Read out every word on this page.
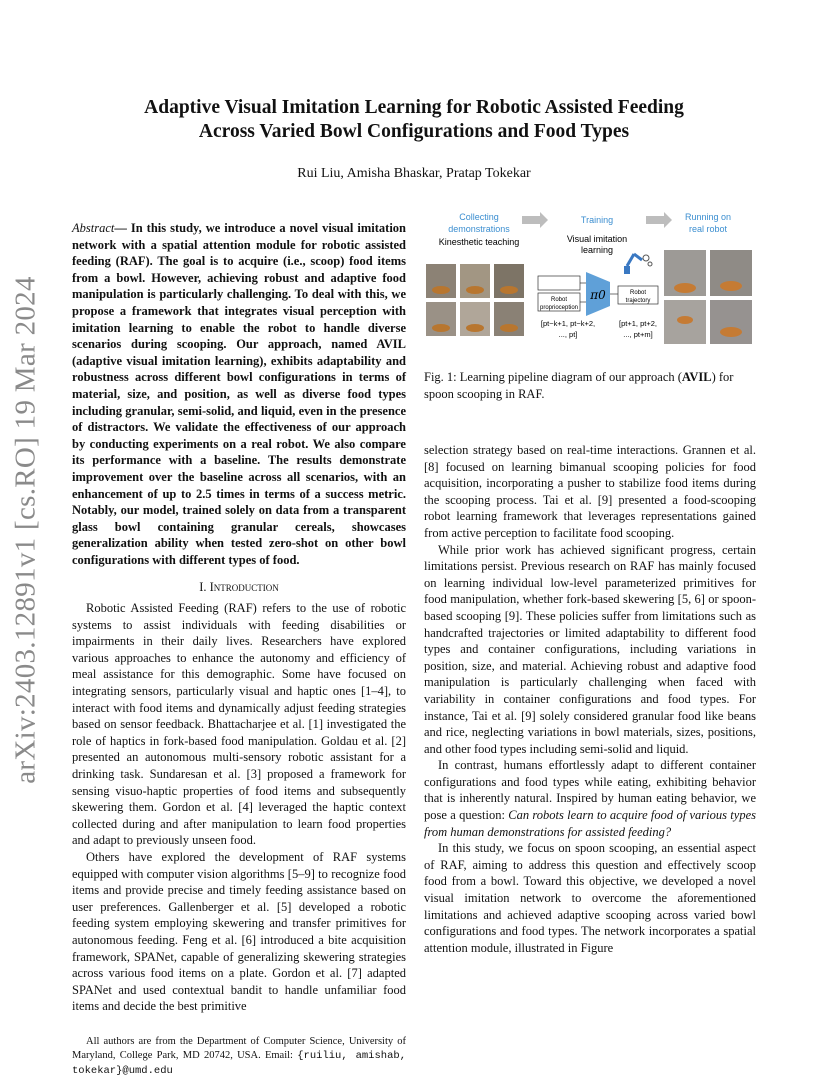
arXiv:2403.12891v1 [cs.RO] 19 Mar 2024
Adaptive Visual Imitation Learning for Robotic Assisted Feeding
Across Varied Bowl Configurations and Food Types
Rui Liu, Amisha Bhaskar, Pratap Tokekar

Abstract— In this study, we introduce a novel visual imitation network with a spatial attention module for robotic assisted feeding (RAF). The goal is to acquire (i.e., scoop) food items from a bowl. However, achieving robust and adaptive food manipulation is particularly challenging. To deal with this, we propose a framework that integrates visual perception with imitation learning to enable the robot to handle diverse scenarios during scooping. Our approach, named AVIL (adaptive visual imitation learning), exhibits adaptability and robustness across different bowl configurations in terms of material, size, and position, as well as diverse food types including granular, semi-solid, and liquid, even in the presence of distractors. We validate the effectiveness of our approach by conducting experiments on a real robot. We also compare its performance with a baseline. The results demonstrate improvement over the baseline across all scenarios, with an enhancement of up to 2.5 times in terms of a success metric. Notably, our model, trained solely on data from a transparent glass bowl containing granular cereals, showcases generalization ability when tested zero-shot on other bowl configurations with different types of food.

I. Introduction

Robotic Assisted Feeding (RAF) refers to the use of robotic systems to assist individuals with feeding disabilities or impairments in their daily lives. Researchers have explored various approaches to enhance the autonomy and efficiency of meal assistance for this demographic. Some have focused on integrating sensors, particularly visual and haptic ones [1–4], to interact with food items and dynamically adjust feeding strategies based on sensor feedback. Bhattacharjee et al. [1] investigated the role of haptics in fork-based food manipulation. Goldau et al. [2] presented an autonomous multi-sensory robotic assistant for a drinking task. Sundaresan et al. [3] proposed a framework for sensing visuo-haptic properties of food items and subsequently skewering them. Gordon et al. [4] leveraged the haptic context collected during and after manipulation to learn food properties and adapt to previously unseen food.

Others have explored the development of RAF systems equipped with computer vision algorithms [5–9] to recognize food items and provide precise and timely feeding assistance based on user preferences. Gallenberger et al. [5] developed a robotic feeding system employing skewering and transfer primitives for autonomous feeding. Feng et al. [6] introduced a bite acquisition framework, SPANet, capable of generalizing skewering strategies across various food items on a plate. Gordon et al. [7] adapted SPANet and used contextual bandit to handle unfamiliar food items and decide the best primitive

All authors are from the Department of Computer Science, University of Maryland, College Park, MD 20742, USA. Email: {ruiliu, amishab, tokekar}@umd.edu
Collecting
demonstrations
Kinesthetic teaching
Training
Visual imitation
learning
Running on
real robot
Robot
proprioception
π0	Robot
trajectory
[pt−k+1, pt−k+2,
..., pt]
[pt+1, pt+2,
..., pt+m]
Fig. 1: Learning pipeline diagram of our approach (AVIL) for spoon scooping in RAF.

selection strategy based on real-time interactions. Grannen et al. [8] focused on learning bimanual scooping policies for food acquisition, incorporating a pusher to stabilize food items during the scooping process. Tai et al. [9] presented a food-scooping robot learning framework that leverages representations gained from active perception to facilitate food scooping.

While prior work has achieved significant progress, certain limitations persist. Previous research on RAF has mainly focused on learning individual low-level parameterized primitives for food manipulation, whether fork-based skewering [5, 6] or spoon-based scooping [9]. These policies suffer from limitations such as handcrafted trajectories or limited adaptability to different food types and container configurations, including variations in position, size, and material. Achieving robust and adaptive food manipulation is particularly challenging when faced with variability in container configurations and food types. For instance, Tai et al. [9] solely considered granular food like beans and rice, neglecting variations in bowl materials, sizes, positions, and other food types including semi-solid and liquid.

In contrast, humans effortlessly adapt to different container configurations and food types while eating, exhibiting behavior that is inherently natural. Inspired by human eating behavior, we pose a question: Can robots learn to acquire food of various types from human demonstrations for assisted feeding?

In this study, we focus on spoon scooping, an essential aspect of RAF, aiming to address this question and effectively scoop food from a bowl. Toward this objective, we developed a novel visual imitation network to overcome the aforementioned limitations and achieved adaptive scooping across varied bowl configurations and food types. The network incorporates a spatial attention module, illustrated in Figure
